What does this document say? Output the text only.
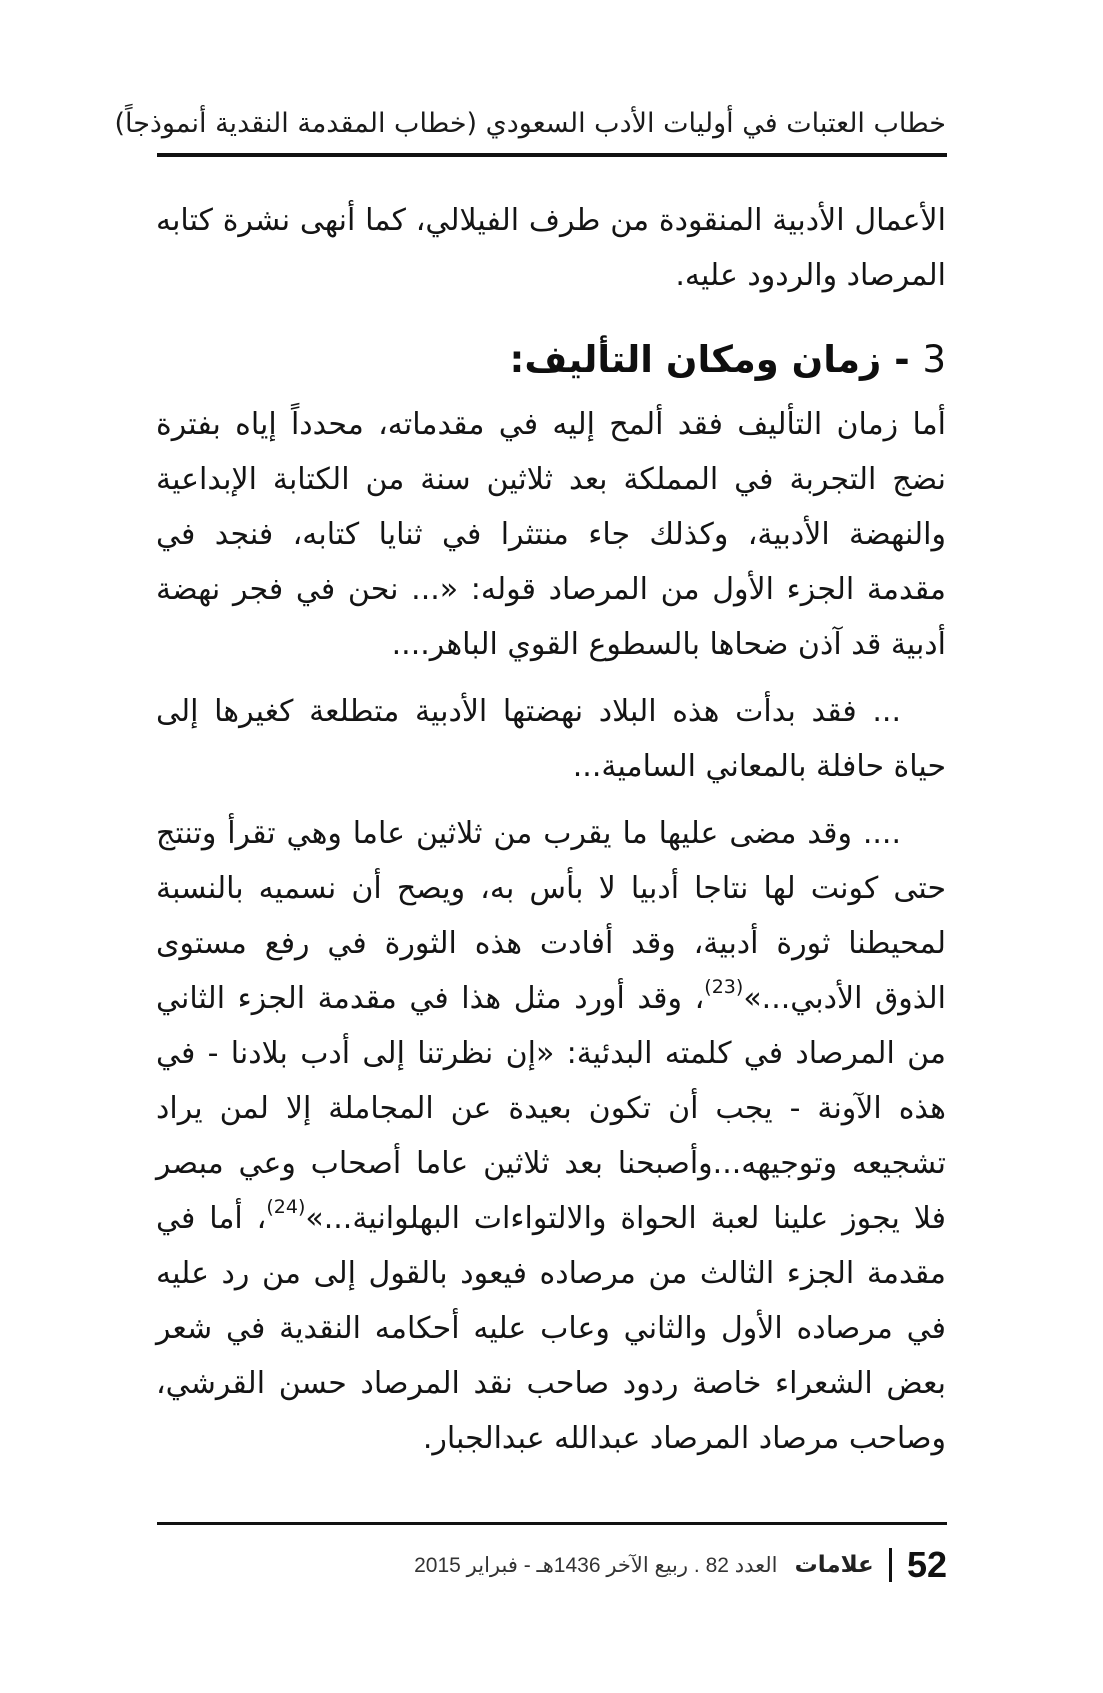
خطاب العتبات في أوليات الأدب السعودي (خطاب المقدمة النقدية أنموذجاً)

الأعمال الأدبية المنقودة من طرف الفيلالي، كما أنهى نشرة كتابه المرصاد والردود عليه.

3 - زمان ومكان التأليف:

أما زمان التأليف فقد ألمح إليه في مقدماته، محدداً إياه بفترة نضج التجربة في المملكة بعد ثلاثين سنة من الكتابة الإبداعية والنهضة الأدبية، وكذلك جاء منتثرا في ثنايا كتابه، فنجد في مقدمة الجزء الأول من المرصاد قوله: «... نحن في فجر نهضة أدبية قد آذن ضحاها بالسطوع القوي الباهر....

... فقد بدأت هذه البلاد نهضتها الأدبية متطلعة كغيرها إلى حياة حافلة بالمعاني السامية...

.... وقد مضى عليها ما يقرب من ثلاثين عاما وهي تقرأ وتنتج حتى كونت لها نتاجا أدبيا لا بأس به، ويصح أن نسميه بالنسبة لمحيطنا ثورة أدبية، وقد أفادت هذه الثورة في رفع مستوى الذوق الأدبي...»$^{(23)}$، وقد أورد مثل هذا في مقدمة الجزء الثاني من المرصاد في كلمته البدئية: «إن نظرتنا إلى أدب بلادنا - في هذه الآونة - يجب أن تكون بعيدة عن المجاملة إلا لمن يراد تشجيعه وتوجيهه...وأصبحنا بعد ثلاثين عاما أصحاب وعي مبصر فلا يجوز علينا لعبة الحواة والالتواءات البهلوانية...»$^{(24)}$، أما في مقدمة الجزء الثالث من مرصاده فيعود بالقول إلى من رد عليه في مرصاده الأول والثاني وعاب عليه أحكامه النقدية في شعر بعض الشعراء خاصة ردود صاحب نقد المرصاد حسن القرشي، وصاحب مرصاد المرصاد عبدالله عبدالجبار.

52  علامات العدد 82 . ربيع الآخر 1436هـ - فبراير 2015
